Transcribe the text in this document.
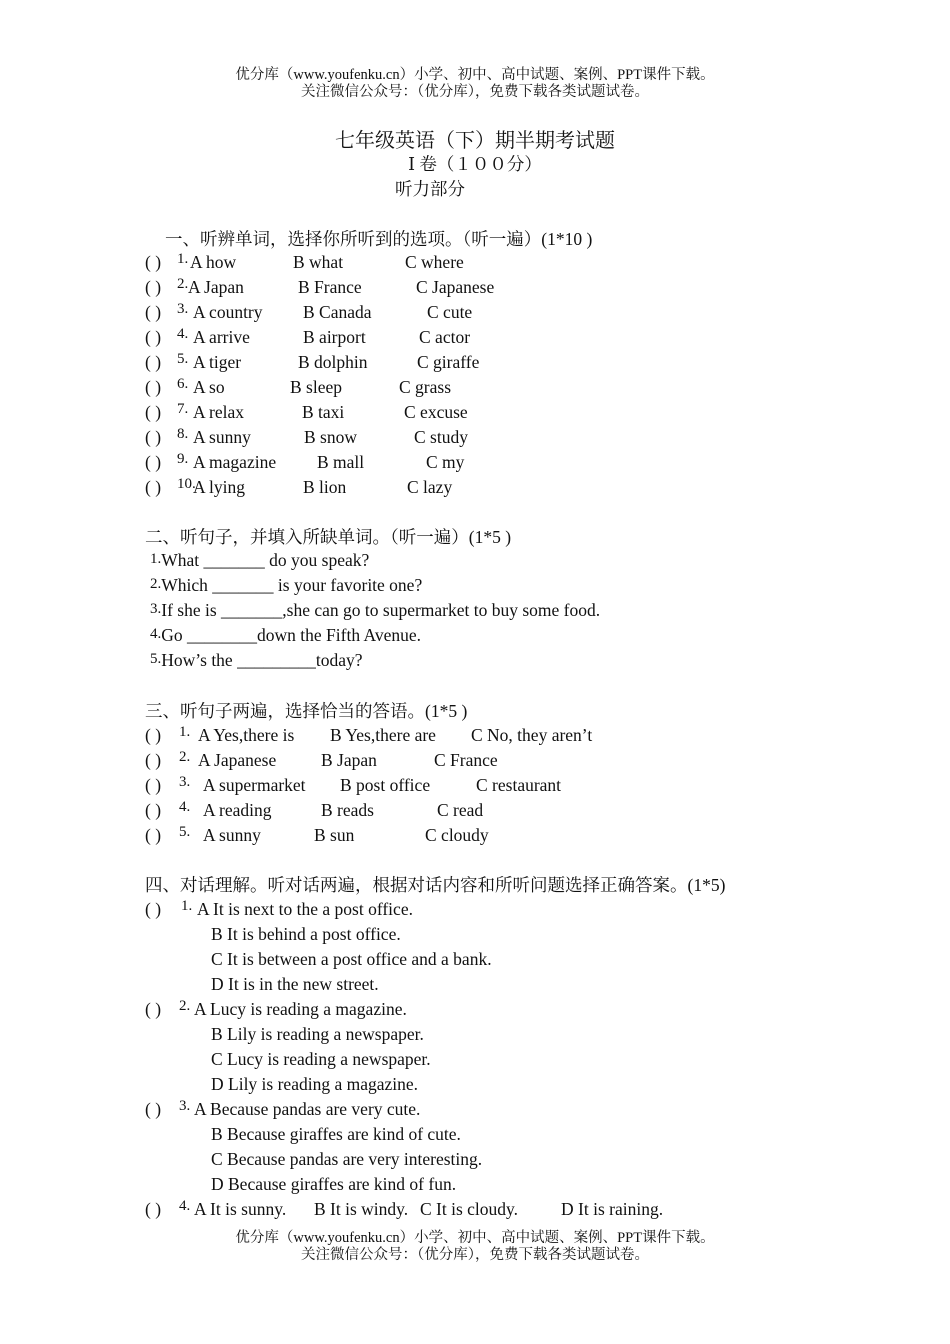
优分库（www.youfenku.cn）小学、初中、高中试题、案例、PPT课件下载。
关注微信公众号：（优分库），免费下载各类试题试卷。
七年级英语（下）期半期考试题
Ⅰ 卷（１００分）
听力部分
一、听辨单词，选择你所听到的选项。（听一遍）(1*10 )
( ) 1. A how	B what	C where
( ) 2. A Japan	B France	C Japanese
( ) 3. A country B Canada	C cute
( ) 4. A arrive	B airport	C actor
( ) 5. A tiger	B dolphin	C giraffe
( ) 6. A so	B sleep	C grass
( ) 7. A relax	B taxi	C excuse
( ) 8. A sunny	B snow	C study
( ) 9. A magazine B mall	C my
( ) 10.
A lying	B lion	C lazy
二、听句子，并填入所缺单词。（听一遍）(1*5 )
1.What _______ do you speak?
2.Which _______ is your favorite one?
3.If she is _______,she can go to supermarket to buy some food.
4.Go ________down the Fifth Avenue.
5.How’s the _________today?
三、听句子两遍，选择恰当的答语。(1*5 )
( ) 1. A Yes,there is B Yes,there are C No, they aren’t
( ) 2. A Japanese	B Japan	C France
( ) 3. A supermarket B post office	C restaurant
( ) 4. A reading	B reads	C read
( ) 5. A sunny	B sun	C cloudy
四、对话理解。听对话两遍，根据对话内容和所听问题选择正确答案。(1*5)
( ) 1. A It is next to the a post office.
B It is behind a post office.
C It is between a post office and a bank.
D It is in the new street.
( ) 2. A Lucy is reading a magazine.
B Lily is reading a newspaper.
C Lucy is reading a newspaper.
D Lily is reading a magazine.
( ) 3. A Because pandas are very cute.
B Because giraffes are kind of cute.
C Because pandas are very interesting.
D Because giraffes are kind of fun.
( ) 4. A It is sunny. B It is windy. C It is cloudy. D It is raining.
优分库（www.youfenku.cn）小学、初中、高中试题、案例、PPT课件下载。
关注微信公众号：（优分库），免费下载各类试题试卷。
